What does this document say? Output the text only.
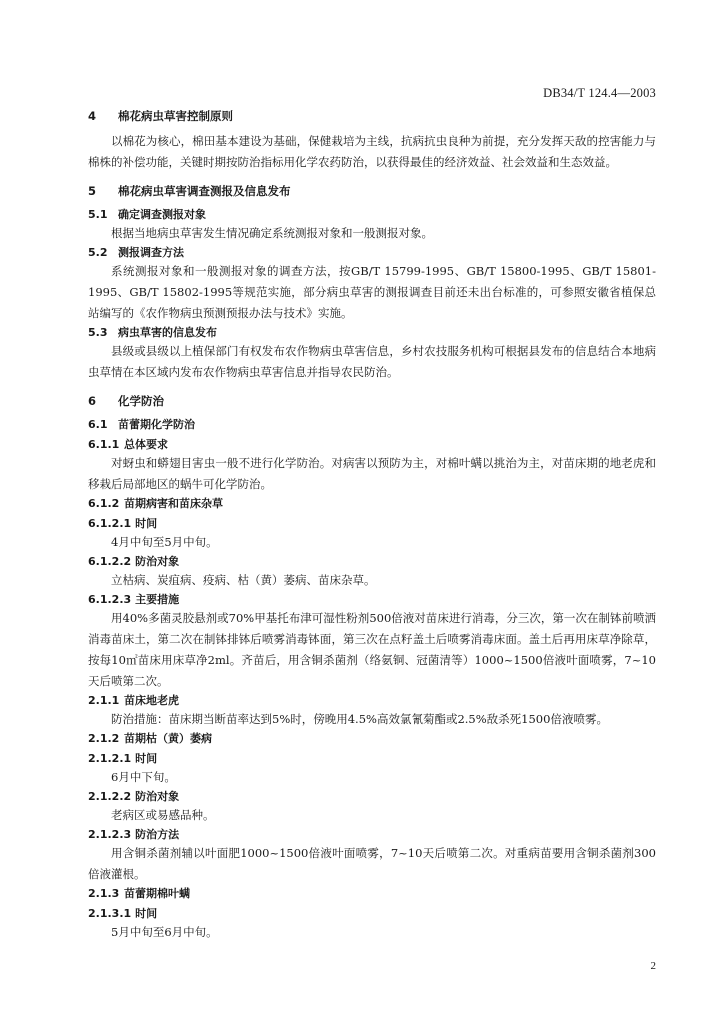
DB34/T 124.4—2003
4 棉花病虫草害控制原则

以棉花为核心，棉田基本建设为基础，保健栽培为主线，抗病抗虫良种为前提，充分发挥天敌的控害能力与棉株的补偿功能，关键时期按防治指标用化学农药防治，以获得最佳的经济效益、社会效益和生态效益。

5 棉花病虫草害调查测报及信息发布
5.1 确定调查测报对象

根据当地病虫草害发生情况确定系统测报对象和一般测报对象。

5.2 测报调查方法

系统测报对象和一般测报对象的调查方法，按GB/T 15799-1995、GB/T 15800-1995、GB/T 15801-1995、GB/T 15802-1995等规范实施，部分病虫草害的测报调查目前还未出台标准的，可参照安徽省植保总站编写的《农作物病虫预测预报办法与技术》实施。

5.3 病虫草害的信息发布

县级或县级以上植保部门有权发布农作物病虫草害信息，乡村农技服务机构可根据县发布的信息结合本地病虫草情在本区域内发布农作物病虫草害信息并指导农民防治。

6 化学防治
6.1 苗蕾期化学防治
6.1.1 总体要求

对蚜虫和蟒翅目害虫一般不进行化学防治。对病害以预防为主，对棉叶螨以挑治为主，对苗床期的地老虎和移栽后局部地区的蜗牛可化学防治。

6.1.2 苗期病害和苗床杂草
6.1.2.1 时间

4月中旬至5月中旬。

6.1.2.2 防治对象

立枯病、炭疽病、疫病、枯（黄）萎病、苗床杂草。

6.1.2.3 主要措施

用40%多菌灵胶悬剂或70%甲基托布津可湿性粉剂500倍液对苗床进行消毒，分三次，第一次在制钵前喷洒消毒苗床土，第二次在制钵排钵后喷雾消毒钵面，第三次在点籽盖土后喷雾消毒床面。盖土后再用床草净除草，按每10㎡苗床用床草净2ml。齐苗后，用含铜杀菌剂（络氨铜、冠菌清等）1000~1500倍液叶面喷雾，7~10天后喷第二次。

2.1.1 苗床地老虎

防治措施：苗床期当断苗率达到5%时，傍晚用4.5%高效氯氰菊酯或2.5%敌杀死1500倍液喷雾。

2.1.2 苗期枯（黄）萎病
2.1.2.1 时间

6月中下旬。

2.1.2.2 防治对象

老病区或易感品种。

2.1.2.3 防治方法

用含铜杀菌剂辅以叶面肥1000~1500倍液叶面喷雾，7~10天后喷第二次。对重病苗要用含铜杀菌剂300倍液灌根。

2.1.3 苗蕾期棉叶螨
2.1.3.1 时间

5月中旬至6月中旬。

2
